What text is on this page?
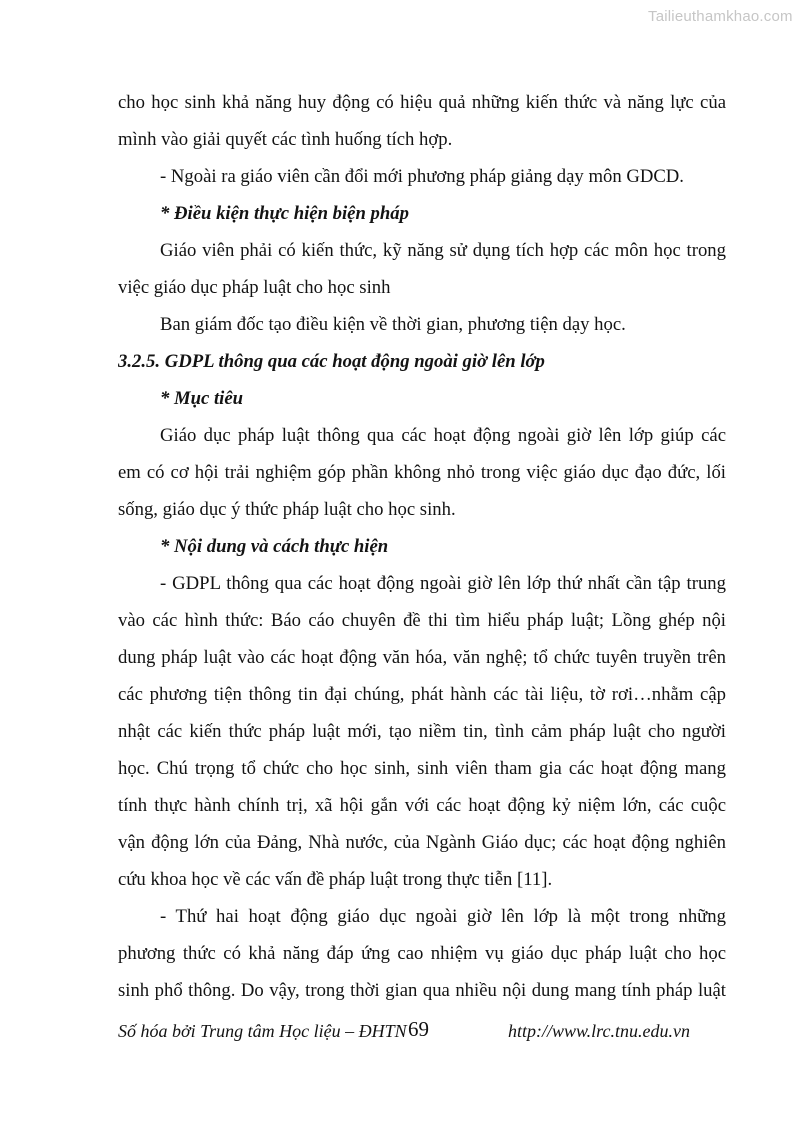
Tailieuthamkhao.com
cho học sinh khả năng huy động có hiệu quả những kiến thức và năng lực của
mình vào giải quyết các tình huống tích hợp.
- Ngoài ra giáo viên cần đổi mới phương pháp giảng dạy môn GDCD.
* Điều kiện thực hiện biện pháp
Giáo viên phải có kiến thức, kỹ năng sử dụng tích hợp các môn học trong
việc giáo dục pháp luật cho học sinh
Ban giám đốc tạo điều kiện về thời gian, phương tiện dạy học.
3.2.5. GDPL thông qua các hoạt động ngoài giờ lên lớp
* Mục tiêu
Giáo dục pháp luật thông qua các hoạt động ngoài giờ lên lớp giúp các
em có cơ hội trải nghiệm góp phần không nhỏ trong việc giáo dục đạo đức, lối
sống, giáo dục ý thức pháp luật cho học sinh.
* Nội dung và cách thực hiện
- GDPL thông qua các hoạt động ngoài giờ lên lớp thứ nhất cần tập trung
vào các hình thức: Báo cáo chuyên đề thi tìm hiểu pháp luật; Lồng ghép nội
dung pháp luật vào các hoạt động văn hóa, văn nghệ; tổ chức tuyên truyền trên
các phương tiện thông tin đại chúng, phát hành các tài liệu, tờ rơi…nhằm cập
nhật các kiến thức pháp luật mới, tạo niềm tin, tình cảm pháp luật cho người
học. Chú trọng tổ chức cho học sinh, sinh viên tham gia các hoạt động mang
tính thực hành chính trị, xã hội gắn với các hoạt động kỷ niệm lớn, các cuộc
vận động lớn của Đảng, Nhà nước, của Ngành Giáo dục; các hoạt động nghiên
cứu khoa học về các vấn đề pháp luật trong thực tiễn [11].
- Thứ hai hoạt động giáo dục ngoài giờ lên lớp là một trong những
phương thức có khả năng đáp ứng cao nhiệm vụ giáo dục pháp luật cho học
sinh phổ thông. Do vậy, trong thời gian qua nhiều nội dung mang tính pháp luật
Số hóa bởi Trung tâm Học liệu – ĐHTN 69	http://www.lrc.tnu.edu.vn
